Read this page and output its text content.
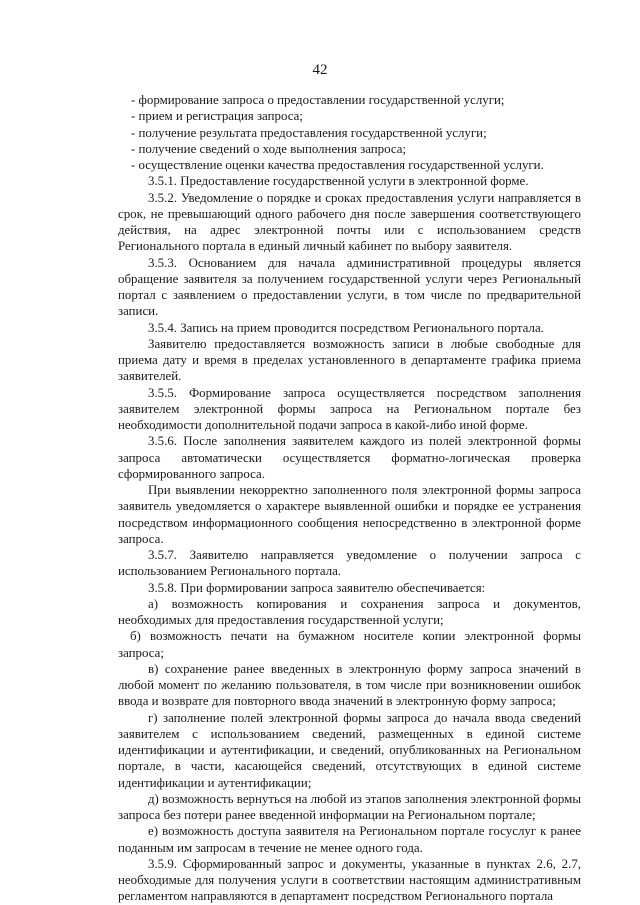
42

- формирование запроса о предоставлении государственной услуги;

- прием и регистрация запроса;

- получение результата предоставления государственной услуги;

- получение сведений о ходе выполнения запроса;

- осуществление оценки качества предоставления государственной услуги.

3.5.1. Предоставление государственной услуги в электронной форме.

3.5.2. Уведомление о порядке и сроках предоставления услуги направляется в срок, не превышающий одного рабочего дня после завершения соответствующего действия, на адрес электронной почты или с использованием средств Регионального портала в единый личный кабинет по выбору заявителя.

3.5.3. Основанием для начала административной процедуры является обращение заявителя за получением государственной услуги через Региональный портал с заявлением о предоставлении услуги, в том числе по предварительной записи.

3.5.4. Запись на прием проводится посредством Регионального портала.

Заявителю предоставляется возможность записи в любые свободные для приема дату и время в пределах установленного в департаменте графика приема заявителей.

3.5.5. Формирование запроса осуществляется посредством заполнения заявителем электронной формы запроса на Региональном портале без необходимости дополнительной подачи запроса в какой-либо иной форме.

3.5.6. После заполнения заявителем каждого из полей электронной формы запроса автоматически осуществляется форматно-логическая проверка сформированного запроса.

При выявлении некорректно заполненного поля электронной формы запроса заявитель уведомляется о характере выявленной ошибки и порядке ее устранения посредством информационного сообщения непосредственно в электронной форме запроса.

3.5.7. Заявителю направляется уведомление о получении запроса с использованием Регионального портала.

3.5.8. При формировании запроса заявителю обеспечивается:

а) возможность копирования и сохранения запроса и документов, необходимых для предоставления государственной услуги;

б) возможность печати на бумажном носителе копии электронной формы запроса;

в) сохранение ранее введенных в электронную форму запроса значений в любой момент по желанию пользователя, в том числе при возникновении ошибок ввода и возврате для повторного ввода значений в электронную форму запроса;

г) заполнение полей электронной формы запроса до начала ввода сведений заявителем с использованием сведений, размещенных в единой системе идентификации и аутентификации, и сведений, опубликованных на Региональном портале, в части, касающейся сведений, отсутствующих в единой системе идентификации и аутентификации;

д) возможность вернуться на любой из этапов заполнения электронной формы запроса без потери ранее введенной информации на Региональном портале;

е) возможность доступа заявителя на Региональном портале госуслуг к ранее поданным им запросам в течение не менее одного года.

3.5.9. Сформированный запрос и документы, указанные в пунктах 2.6, 2.7, необходимые для получения услуги в соответствии настоящим административным регламентом направляются в департамент посредством Регионального портала
